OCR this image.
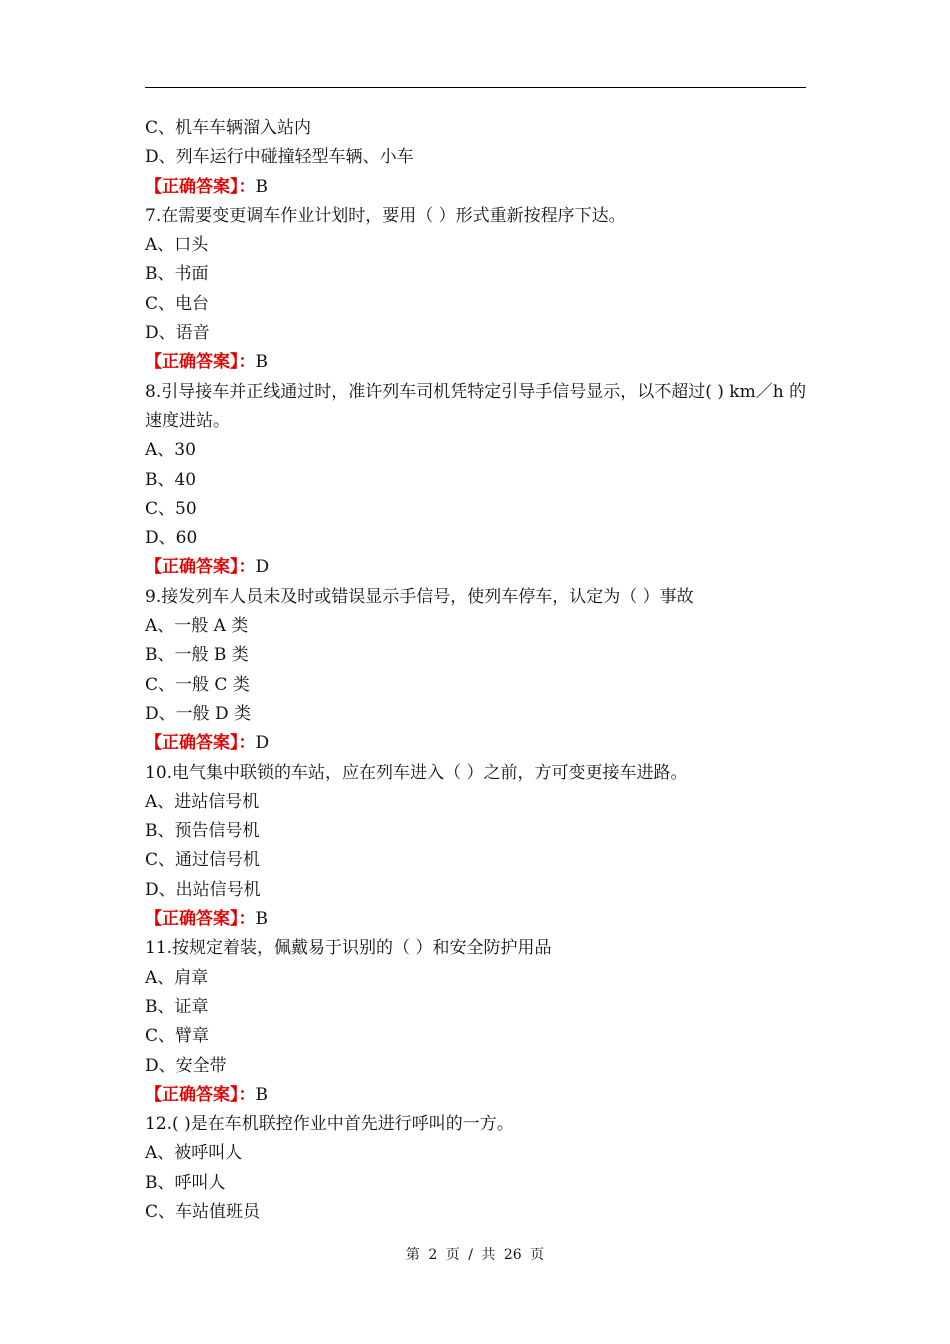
C、机车车辆溜入站内
D、列车运行中碰撞轻型车辆、小车
【正确答案】：B
7.在需要变更调车作业计划时，要用（ ）形式重新按程序下达。
A、口头
B、书面
C、电台
D、语音
【正确答案】：B
8.引导接车并正线通过时，准许列车司机凭特定引导手信号显示，以不超过( ) km／h 的速度进站。
A、30
B、40
C、50
D、60
【正确答案】：D
9.接发列车人员未及时或错误显示手信号，使列车停车，认定为（ ）事故
A、一般 A 类
B、一般 B 类
C、一般 C 类
D、一般 D 类
【正确答案】：D
10.电气集中联锁的车站，应在列车进入（ ）之前，方可变更接车进路。
A、进站信号机
B、预告信号机
C、通过信号机
D、出站信号机
【正确答案】：B
11.按规定着装，佩戴易于识别的（ ）和安全防护用品
A、肩章
B、证章
C、臂章
D、安全带
【正确答案】：B
12.( )是在车机联控作业中首先进行呼叫的一方。
A、被呼叫人
B、呼叫人
C、车站值班员
第 2 页 / 共 26 页
